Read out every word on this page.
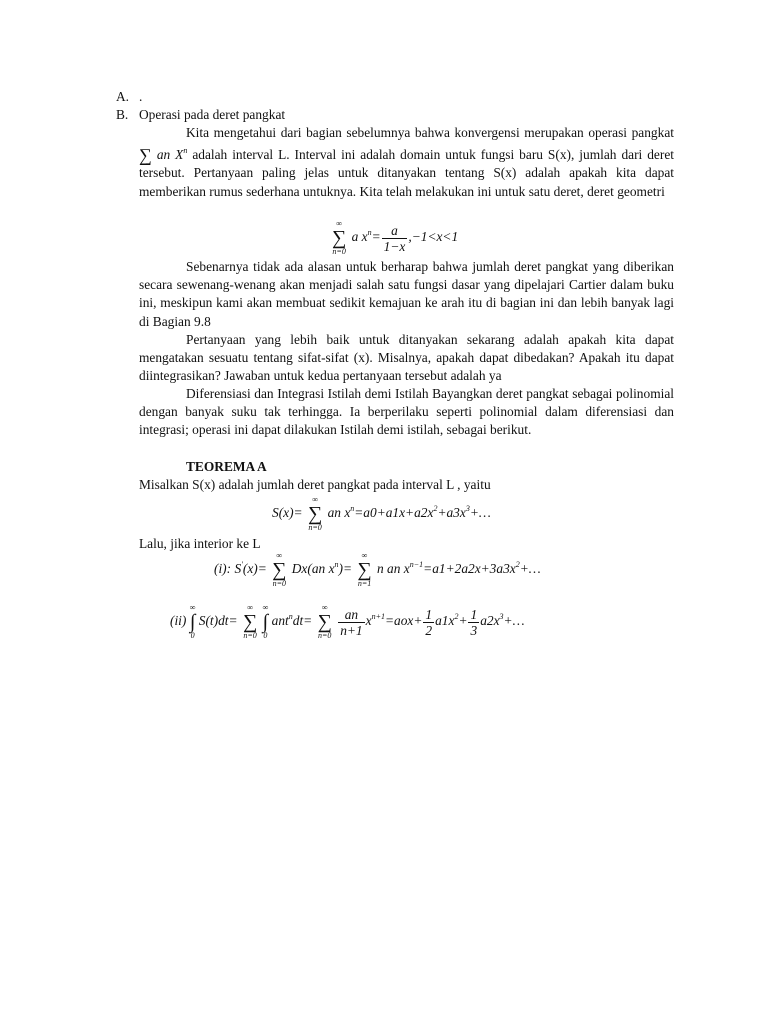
A. .
B. Operasi pada deret pangkat

Kita mengetahui dari bagian sebelumnya bahwa konvergensi merupakan operasi pangkat ∑ an $X^n$ adalah interval L. Interval ini adalah domain untuk fungsi baru S(x), jumlah dari deret tersebut. Pertanyaan paling jelas untuk ditanyakan tentang S(x) adalah apakah kita dapat memberikan rumus sederhana untuknya. Kita telah melakukan ini untuk satu deret, deret geometri

∞
∑
n=0
a $x^n= \frac{a}{1-x} ,-1<x<1$

Sebenarnya tidak ada alasan untuk berharap bahwa jumlah deret pangkat yang diberikan secara sewenang-wenang akan menjadi salah satu fungsi dasar yang dipelajari Cartier dalam buku ini, meskipun kami akan membuat sedikit kemajuan ke arah itu di bagian ini dan lebih banyak lagi di Bagian 9.8

Pertanyaan yang lebih baik untuk ditanyakan sekarang adalah apakah kita dapat mengatakan sesuatu tentang sifat-sifat (x). Misalnya, apakah dapat dibedakan? Apakah itu dapat diintegrasikan? Jawaban untuk kedua pertanyaan tersebut adalah ya

Diferensiasi dan Integrasi Istilah demi Istilah Bayangkan deret pangkat sebagai polinomial dengan banyak suku tak terhingga. Ia berperilaku seperti polinomial dalam diferensiasi dan integrasi; operasi ini dapat dilakukan Istilah demi istilah, sebagai berikut.

TEOREMA A

Misalkan S(x) adalah jumlah deret pangkat pada interval L , yaitu

S(x)=
∞
∑
n=0
an $x^n=a0+a1x+a2x^2+a3x^3+\dots$

Lalu, jika interior ke L

(i): S'(x)=
∞
∑
n=0
Dx(an $x^n)=$
∞
∑
n=1
n an $x^{n-1}=a1+2a2x+3a3x^2+\dots$
(ii)
∞
∫
0
S(t)dt=
∞
∑
n=0

∞
∫
0
ant$^n$dt=
∞
∑
n=0
$\frac{an}{n+1} x^{n+1}=aox+ \frac{1}{2} a1x^2+ \frac{1}{3}$ $a2x^3+\dots$
